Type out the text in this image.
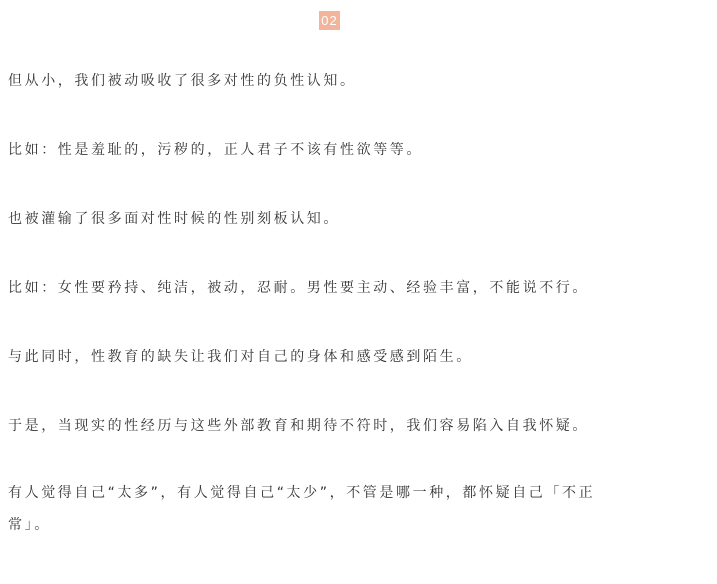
02

但从小，我们被动吸收了很多对性的负性认知。

比如：性是羞耻的，污秽的，正人君子不该有性欲等等。

也被灌输了很多面对性时候的性别刻板认知。

比如：女性要矜持、纯洁，被动，忍耐。男性要主动、经验丰富，不能说不行。

与此同时，性教育的缺失让我们对自己的身体和感受感到陌生。

于是，当现实的性经历与这些外部教育和期待不符时，我们容易陷入自我怀疑。

有人觉得自己“太多”，有人觉得自己“太少”，不管是哪一种，都怀疑自己「不正常」。
